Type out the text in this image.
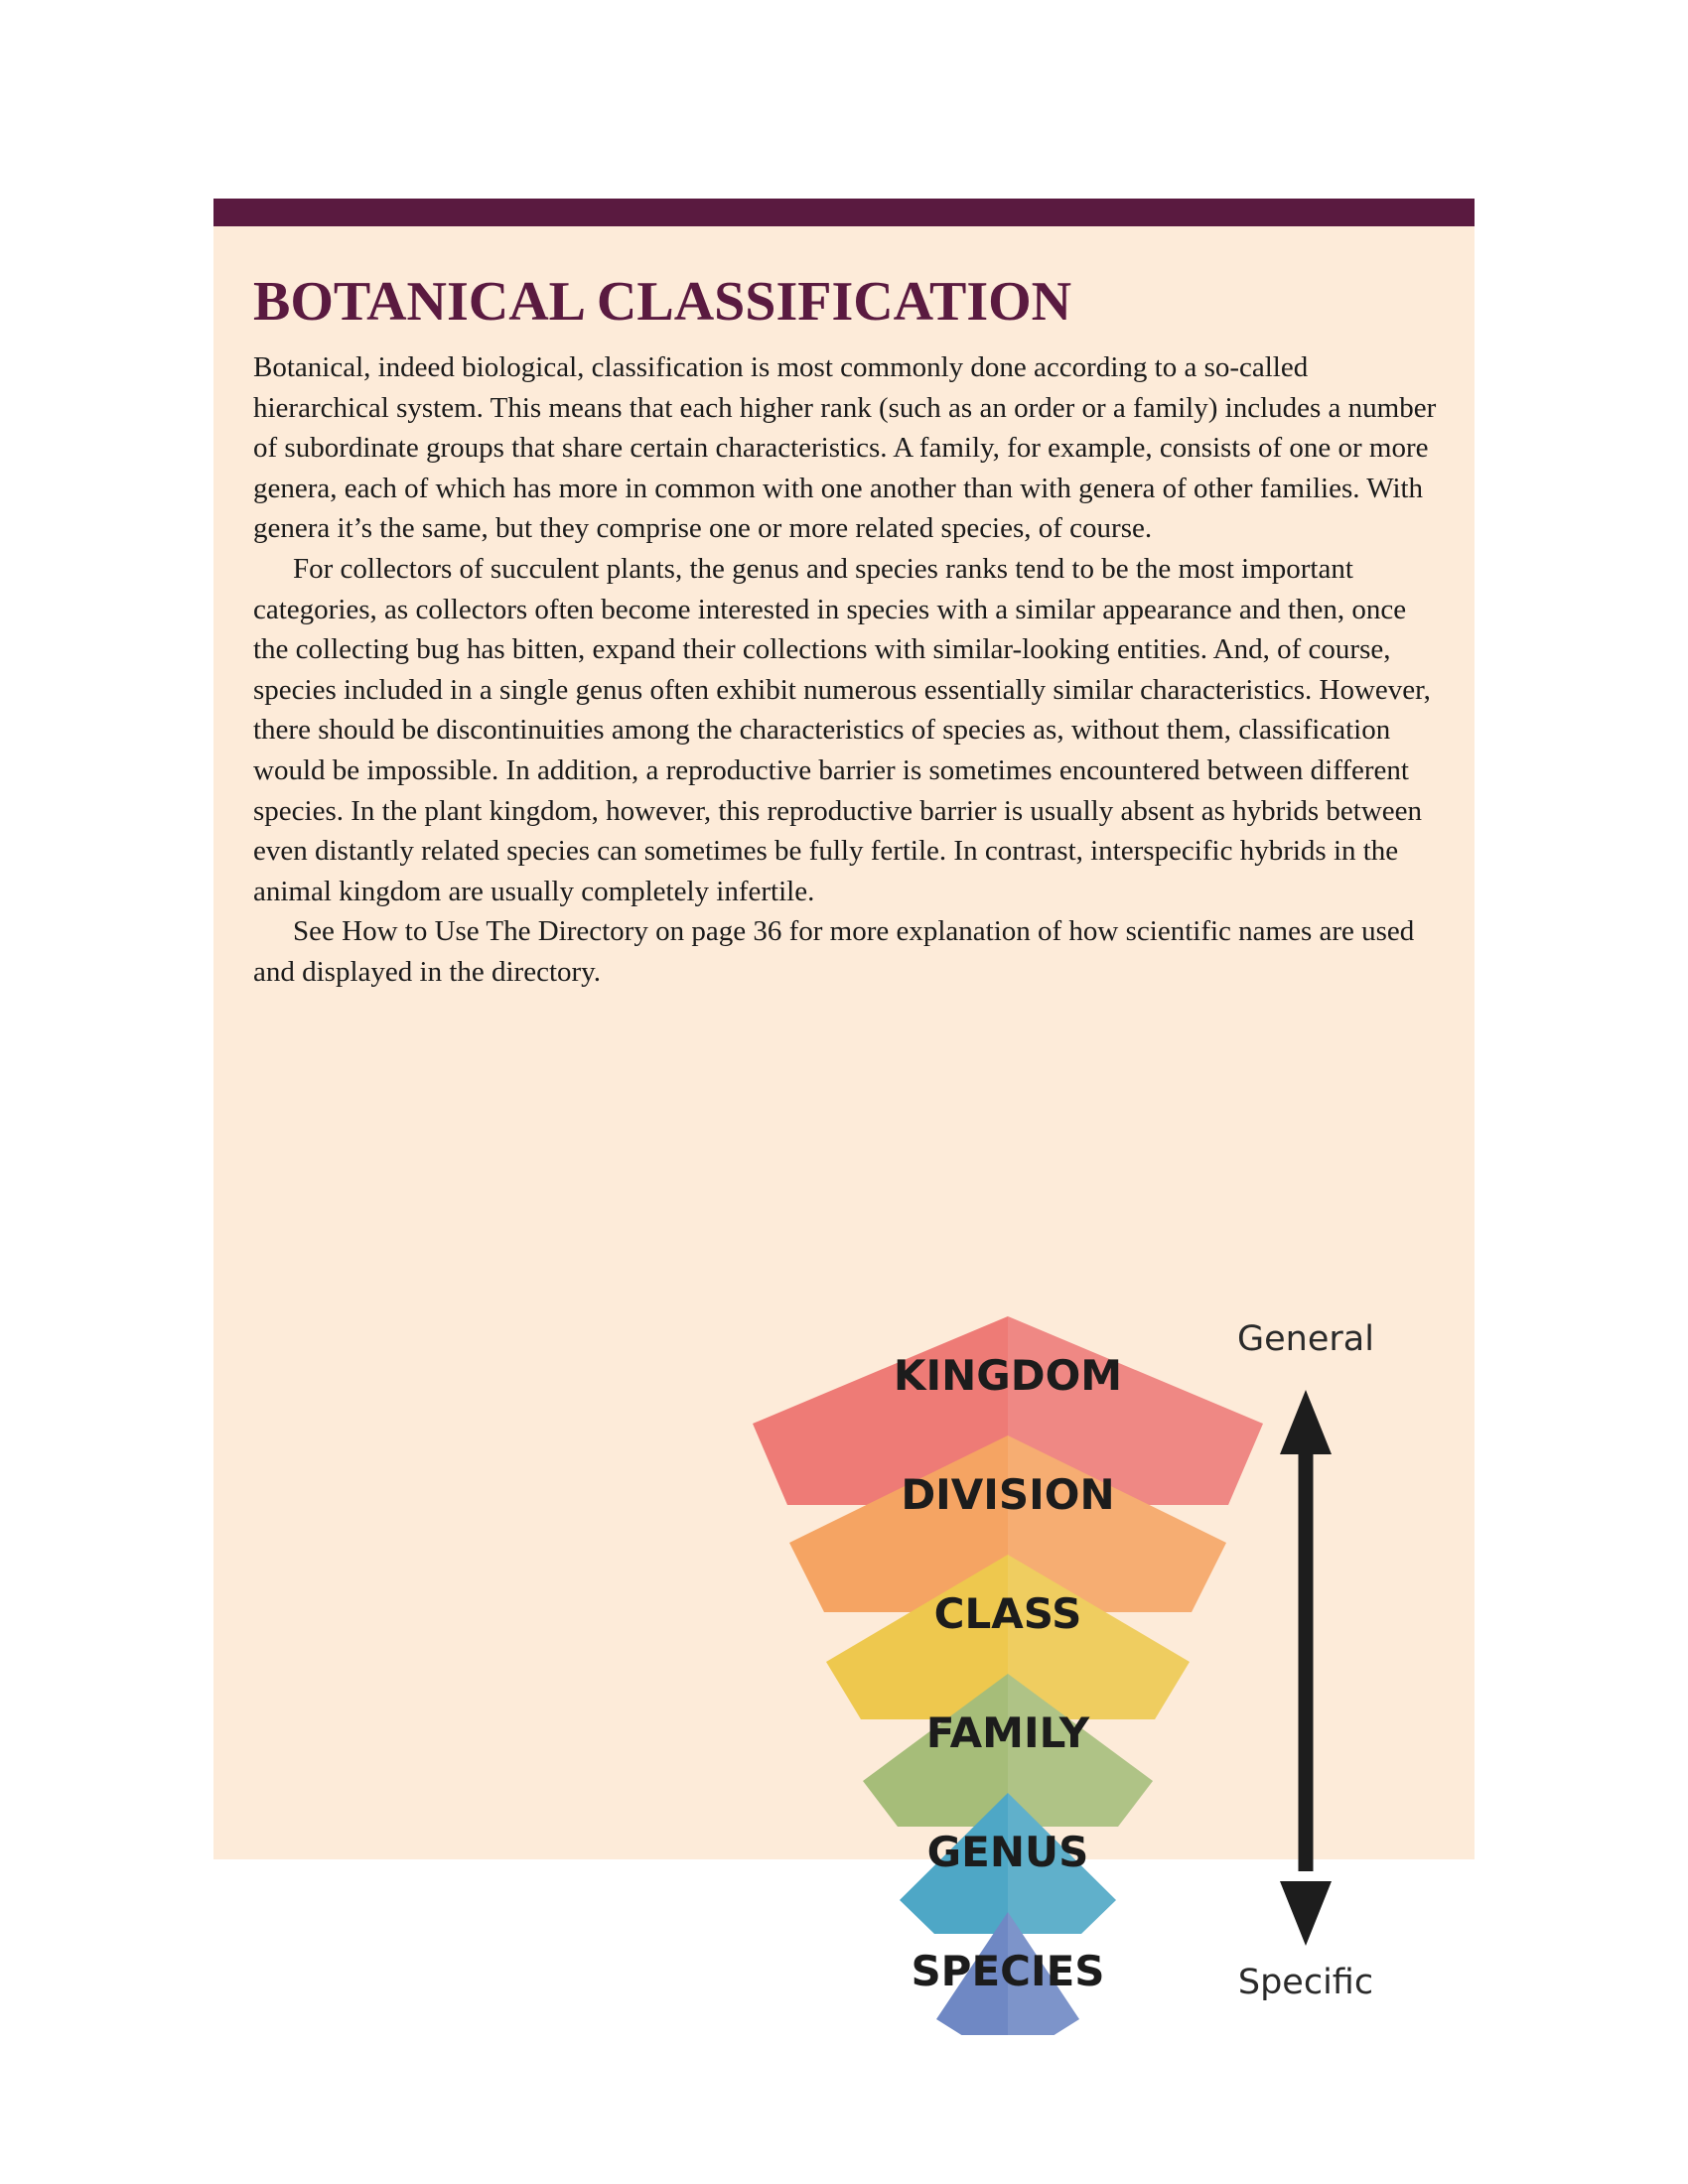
BOTANICAL CLASSIFICATION

Botanical, indeed biological, classification is most commonly done according to a so-called hierarchical system. This means that each higher rank (such as an order or a family) includes a number of subordinate groups that share certain characteristics. A family, for example, consists of one or more genera, each of which has more in common with one another than with genera of other families. With genera it’s the same, but they comprise one or more related species, of course.

For collectors of succulent plants, the genus and species ranks tend to be the most important categories, as collectors often become interested in species with a similar appearance and then, once the collecting bug has bitten, expand their collections with similar-looking entities. And, of course, species included in a single genus often exhibit numerous essentially similar characteristics. However, there should be discontinuities among the characteristics of species as, without them, classification would be impossible. In addition, a reproductive barrier is sometimes encountered between different species. In the plant kingdom, however, this reproductive barrier is usually absent as hybrids between even distantly related species can sometimes be fully fertile. In contrast, interspecific hybrids in the animal kingdom are usually completely infertile.

See How to Use The Directory on page 36 for more explanation of how scientific names are used and displayed in the directory.

KINGDOM
DIVISION
CLASS
FAMILY
GENUS
SPECIES
General
Specific
